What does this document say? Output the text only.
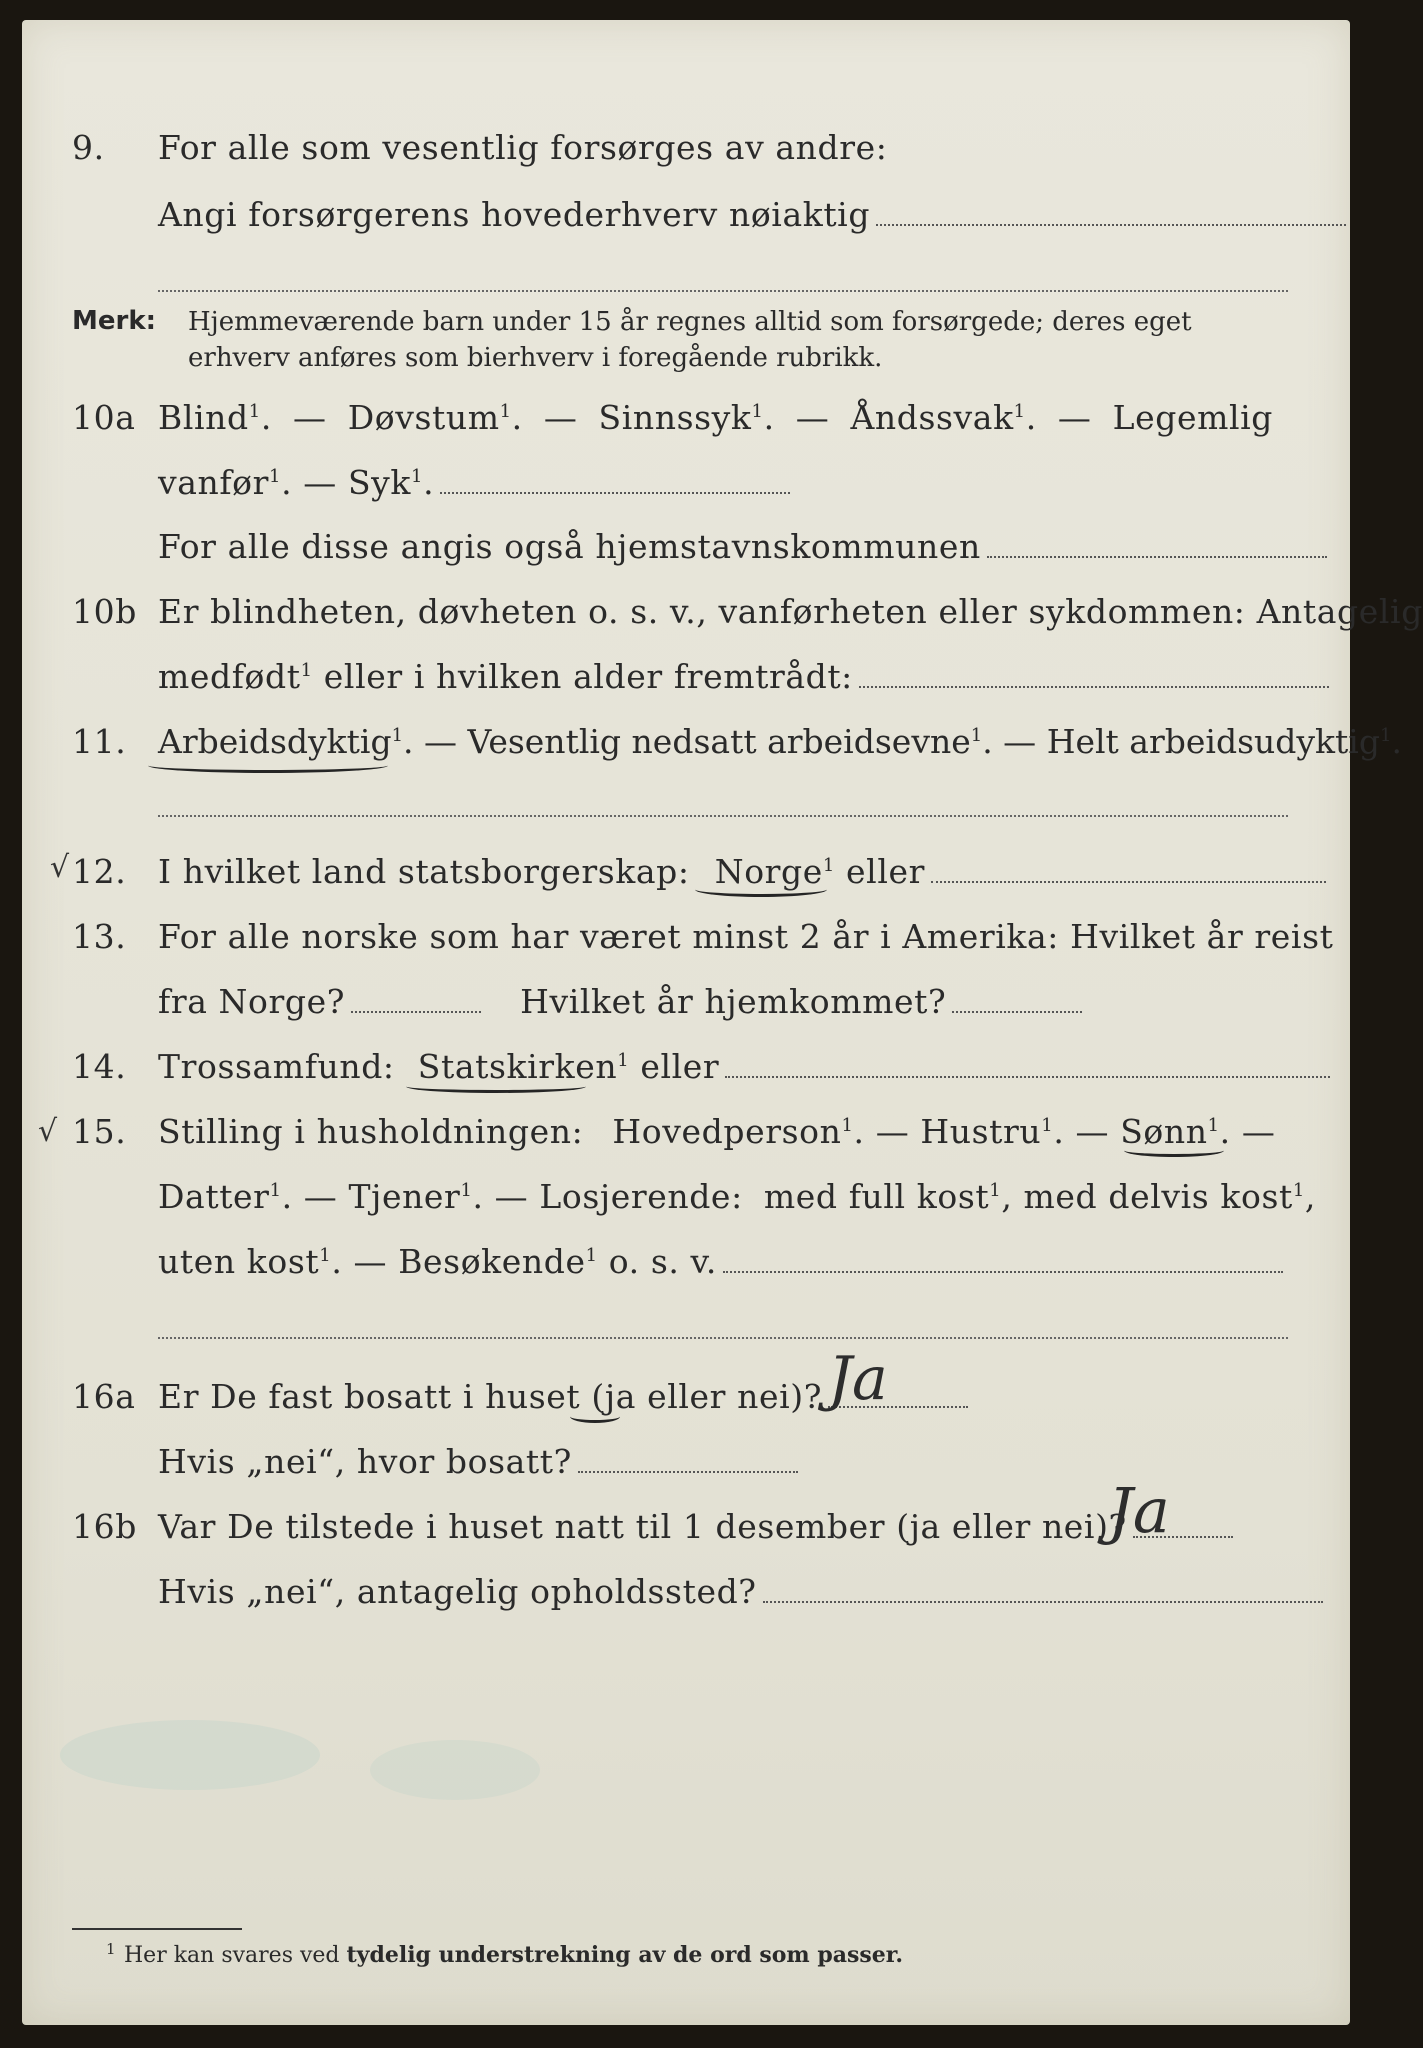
9. For alle som vesentlig forsørges av andre:
Angi forsørgerens hovederhverv nøiaktig
Merk: Hjemmeværende barn under 15 år regnes alltid som forsørgede; deres eget erhverv anføres som bierhverv i foregående rubrikk.
10a Blind$^1$. — Døvstum$^1$. — Sinnssyk$^1$. — Åndssvak$^1$. — Legemlig
vanfør$^1$. — Syk$^1$.
For alle disse angis også hjemstavnskommunen
10b Er blindheten, døvheten o. s. v., vanførheten eller sykdommen: Antagelig
medfødt$^1$ eller i hvilken alder fremtrådt:
11. Arbeidsdyktig$^1$. — Vesentlig nedsatt arbeidsevne$^1$. — Helt arbeidsudyktig$^1$.
√ 12. I hvilket land statsborgerskap: Norge$^1$ eller
13. For alle norske som har været minst 2 år i Amerika: Hvilket år reist
fra Norge?	Hvilket år hjemkommet?
14. Trossamfund: Statskirken$^1$ eller
√ 15. Stilling i husholdningen: Hovedperson$^1$. — Hustru$^1$. — Sønn$^1$. —
Datter$^1$. — Tjener$^1$. — Losjerende: med full kost$^1$, med delvis kost$^1$,
uten kost$^1$. — Besøkende$^1$ o. s. v.
16a Er De fast bosatt i huset (ja eller nei)? Ja
Hvis „nei“, hvor bosatt?
16b Var De tilstede i huset natt til 1 desember (ja eller nei)?
Ja
Hvis „nei“, antagelig opholdssted?
1 Her kan svares ved tydelig understrekning av de ord som passer.
